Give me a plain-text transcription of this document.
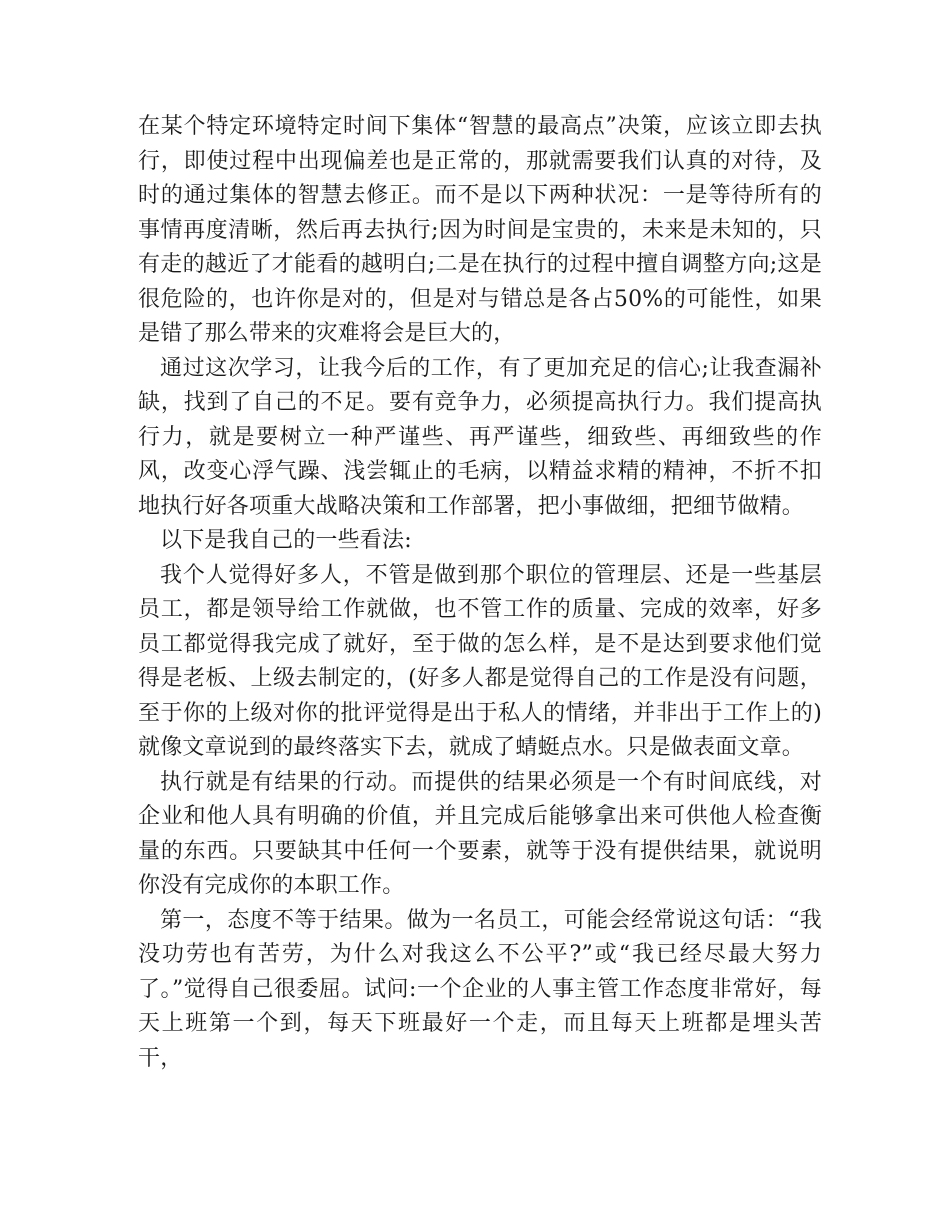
在某个特定环境特定时间下集体“智慧的最高点”决策，应该立即去执行，即使过程中出现偏差也是正常的，那就需要我们认真的对待，及时的通过集体的智慧去修正。而不是以下两种状况：一是等待所有的事情再度清晰，然后再去执行;因为时间是宝贵的，未来是未知的，只有走的越近了才能看的越明白;二是在执行的过程中擅自调整方向;这是很危险的，也许你是对的，但是对与错总是各占50%的可能性，如果是错了那么带来的灾难将会是巨大的，

通过这次学习，让我今后的工作，有了更加充足的信心;让我查漏补缺，找到了自己的不足。要有竞争力，必须提高执行力。我们提高执行力，就是要树立一种严谨些、再严谨些，细致些、再细致些的作风，改变心浮气躁、浅尝辄止的毛病，以精益求精的精神，不折不扣地执行好各项重大战略决策和工作部署，把小事做细，把细节做精。

以下是我自己的一些看法:

我个人觉得好多人，不管是做到那个职位的管理层、还是一些基层员工，都是领导给工作就做，也不管工作的质量、完成的效率，好多员工都觉得我完成了就好，至于做的怎么样，是不是达到要求他们觉得是老板、上级去制定的，(好多人都是觉得自己的工作是没有问题，至于你的上级对你的批评觉得是出于私人的情绪，并非出于工作上的)就像文章说到的最终落实下去，就成了蜻蜓点水。只是做表面文章。

执行就是有结果的行动。而提供的结果必须是一个有时间底线，对企业和他人具有明确的价值，并且完成后能够拿出来可供他人检查衡量的东西。只要缺其中任何一个要素，就等于没有提供结果，就说明你没有完成你的本职工作。

第一，态度不等于结果。做为一名员工，可能会经常说这句话：“我没功劳也有苦劳，为什么对我这么不公平?”或“我已经尽最大努力了。”觉得自己很委屈。试问:一个企业的人事主管工作态度非常好，每天上班第一个到，每天下班最好一个走，而且每天上班都是埋头苦干，
